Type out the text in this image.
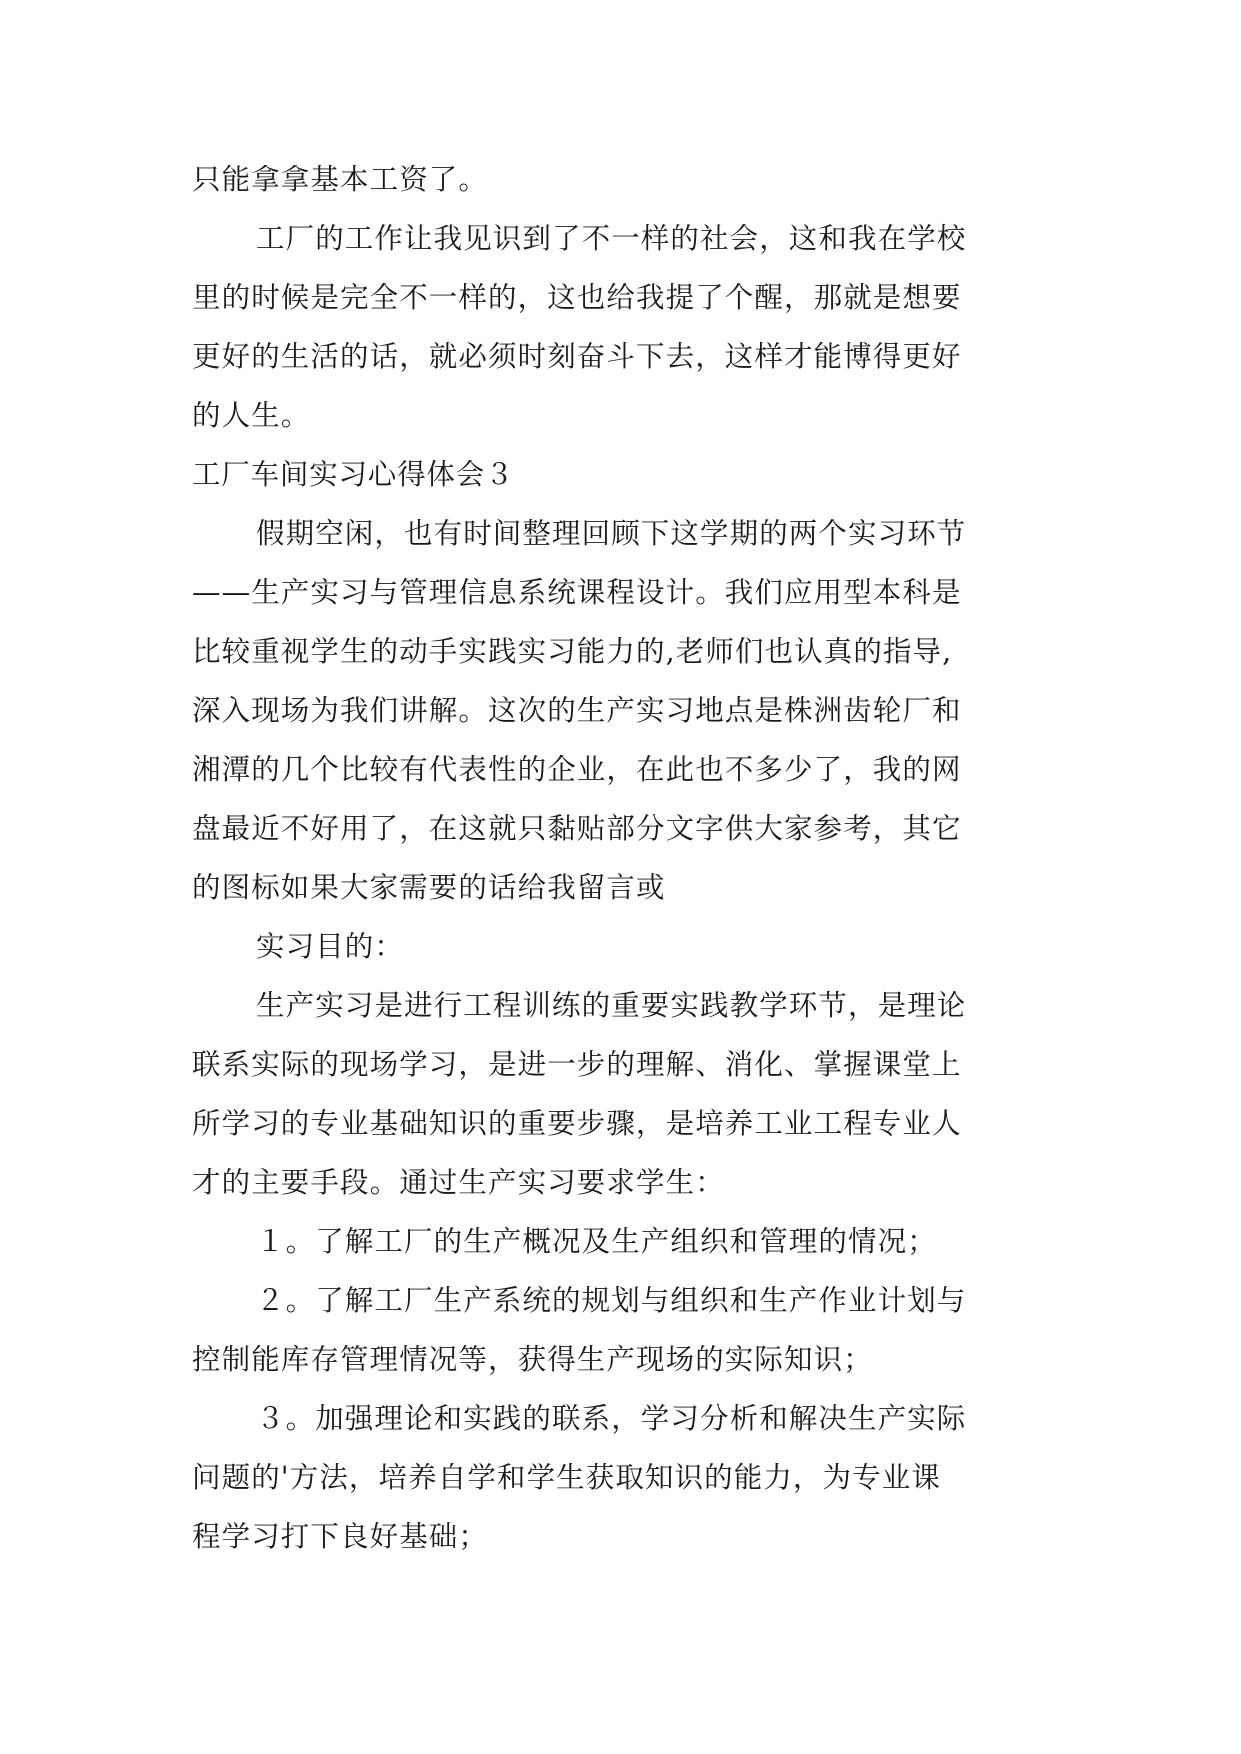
只能拿拿基本工资了。
工厂的工作让我见识到了不一样的社会，这和我在学校
里的时候是完全不一样的，这也给我提了个醒，那就是想要
更好的生活的话，就必须时刻奋斗下去，这样才能博得更好
的人生。
工厂车间实习心得体会３
假期空闲，也有时间整理回顾下这学期的两个实习环节
——生产实习与管理信息系统课程设计。我们应用型本科是
比较重视学生的动手实践实习能力的,老师们也认真的指导,
深入现场为我们讲解。这次的生产实习地点是株洲齿轮厂和
湘潭的几个比较有代表性的企业，在此也不多少了，我的网
盘最近不好用了，在这就只黏贴部分文字供大家参考，其它
的图标如果大家需要的话给我留言或
实习目的：
生产实习是进行工程训练的重要实践教学环节，是理论
联系实际的现场学习，是进一步的理解、消化、掌握课堂上
所学习的专业基础知识的重要步骤，是培养工业工程专业人
才的主要手段。通过生产实习要求学生：
１。了解工厂的生产概况及生产组织和管理的情况；
２。了解工厂生产系统的规划与组织和生产作业计划与
控制能库存管理情况等，获得生产现场的实际知识；
３。加强理论和实践的联系，学习分析和解决生产实际
问题的'方法，培养自学和学生获取知识的能力，为专业课
程学习打下良好基础；
